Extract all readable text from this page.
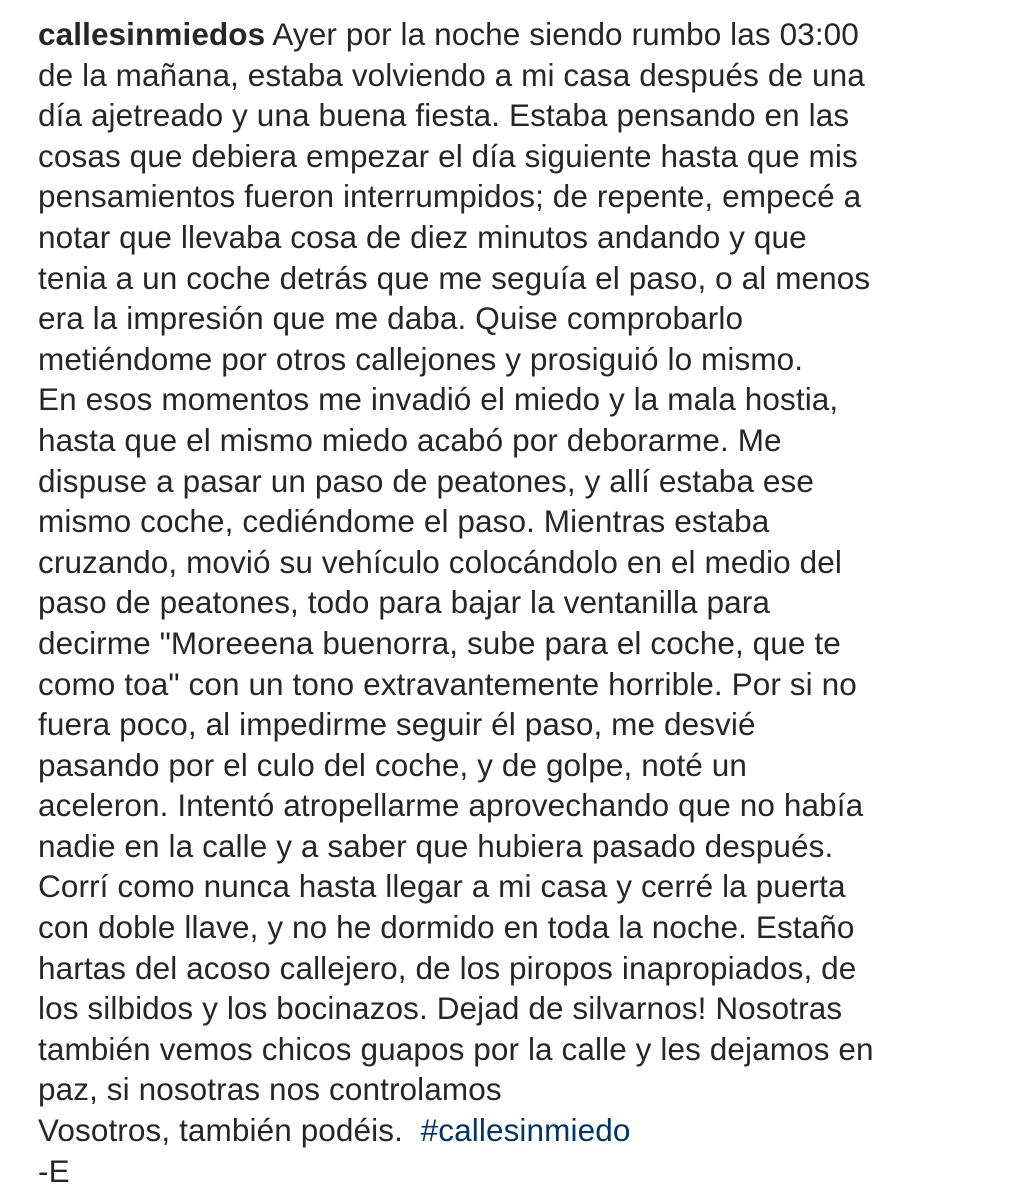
callesinmiedos Ayer por la noche siendo rumbo las 03:00
de la mañana, estaba volviendo a mi casa después de una
día ajetreado y una buena fiesta. Estaba pensando en las
cosas que debiera empezar el día siguiente hasta que mis
pensamientos fueron interrumpidos; de repente, empecé a
notar que llevaba cosa de diez minutos andando y que
tenia a un coche detrás que me seguía el paso, o al menos
era la impresión que me daba. Quise comprobarlo
metiéndome por otros callejones y prosiguió lo mismo.
En esos momentos me invadió el miedo y la mala hostia,
hasta que el mismo miedo acabó por deborarme. Me
dispuse a pasar un paso de peatones, y allí estaba ese
mismo coche, cediéndome el paso. Mientras estaba
cruzando, movió su vehículo colocándolo en el medio del
paso de peatones, todo para bajar la ventanilla para
decirme "Moreeena buenorra, sube para el coche, que te
como toa" con un tono extravantemente horrible. Por si no
fuera poco, al impedirme seguir él paso, me desvié
pasando por el culo del coche, y de golpe, noté un
aceleron. Intentó atropellarme aprovechando que no había
nadie en la calle y a saber que hubiera pasado después.
Corrí como nunca hasta llegar a mi casa y cerré la puerta
con doble llave, y no he dormido en toda la noche. Estaño
hartas del acoso callejero, de los piropos inapropiados, de
los silbidos y los bocinazos. Dejad de silvarnos! Nosotras
también vemos chicos guapos por la calle y les dejamos en
paz, si nosotras nos controlamos
Vosotros, también podéis.  #callesinmiedo
-E
